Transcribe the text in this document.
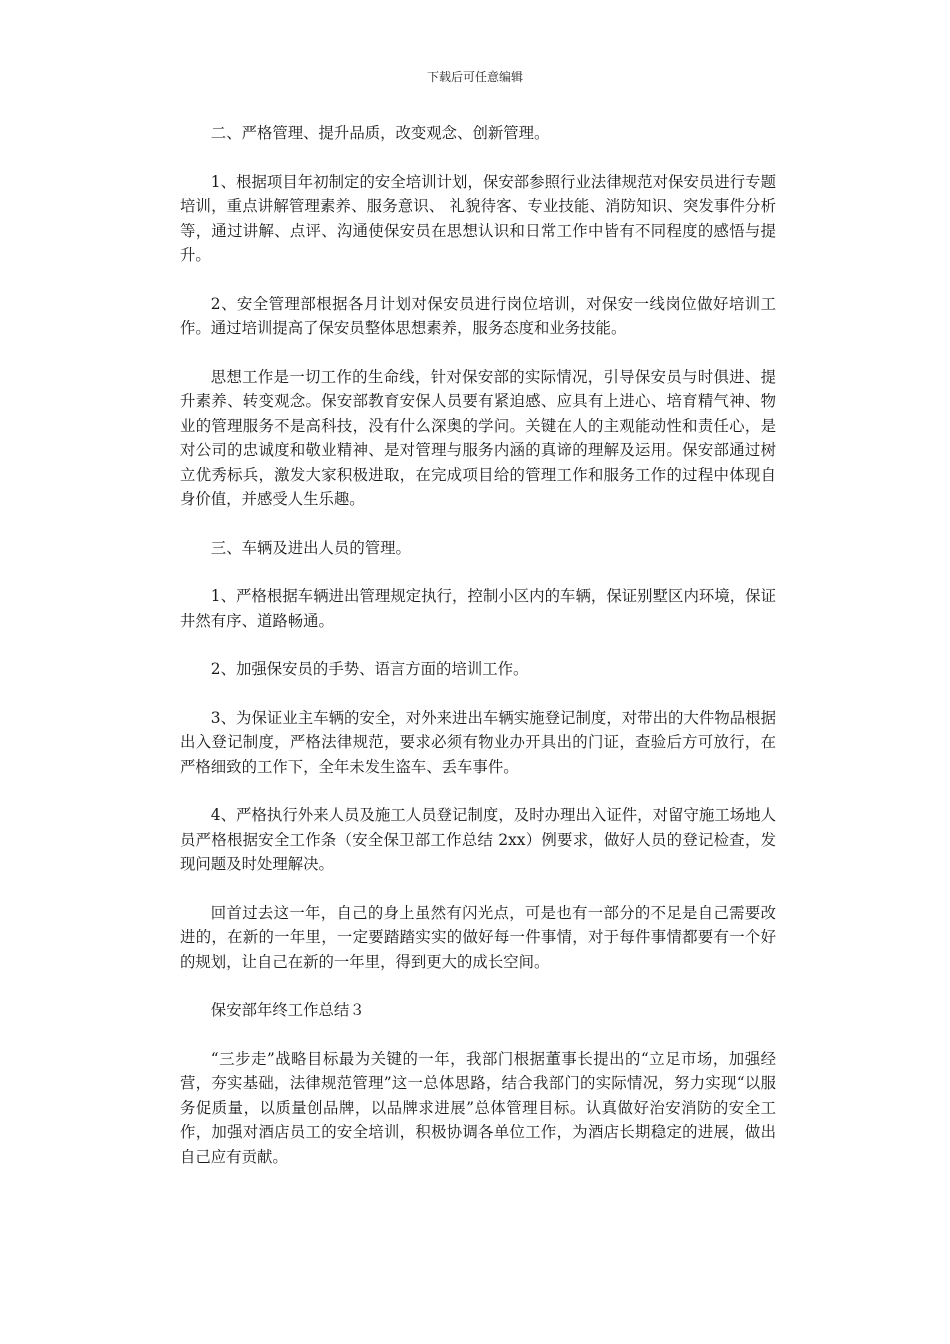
下载后可任意编辑

二、严格管理、提升品质，改变观念、创新管理。

1、根据项目年初制定的安全培训计划，保安部参照行业法律规范对保安员进行专题培训，重点讲解管理素养、服务意识、 礼貌待客、专业技能、消防知识、突发事件分析等，通过讲解、点评、沟通使保安员在思想认识和日常工作中皆有不同程度的感悟与提升。

2、安全管理部根据各月计划对保安员进行岗位培训，对保安一线岗位做好培训工作。通过培训提高了保安员整体思想素养，服务态度和业务技能。

思想工作是一切工作的生命线，针对保安部的实际情况，引导保安员与时俱进、提升素养、转变观念。保安部教育安保人员要有紧迫感、应具有上进心、培育精气神、物业的管理服务不是高科技，没有什么深奥的学问。关键在人的主观能动性和责任心，是对公司的忠诚度和敬业精神、是对管理与服务内涵的真谛的理解及运用。保安部通过树立优秀标兵，激发大家积极进取，在完成项目给的管理工作和服务工作的过程中体现自身价值，并感受人生乐趣。

三、车辆及进出人员的管理。

1、严格根据车辆进出管理规定执行，控制小区内的车辆，保证别墅区内环境，保证井然有序、道路畅通。

2、加强保安员的手势、语言方面的培训工作。

3、为保证业主车辆的安全，对外来进出车辆实施登记制度，对带出的大件物品根据出入登记制度，严格法律规范，要求必须有物业办开具出的门证，查验后方可放行，在严格细致的工作下，全年未发生盗车、丢车事件。

4、严格执行外来人员及施工人员登记制度，及时办理出入证件，对留守施工场地人员严格根据安全工作条（安全保卫部工作总结 2xx）例要求，做好人员的登记检查，发现问题及时处理解决。

回首过去这一年，自己的身上虽然有闪光点，可是也有一部分的不足是自己需要改进的，在新的一年里，一定要踏踏实实的做好每一件事情，对于每件事情都要有一个好的规划，让自己在新的一年里，得到更大的成长空间。

保安部年终工作总结３

“三步走”战略目标最为关键的一年，我部门根据董事长提出的“立足市场，加强经营，夯实基础，法律规范管理”这一总体思路，结合我部门的实际情况，努力实现“以服务促质量，以质量创品牌，以品牌求进展”总体管理目标。认真做好治安消防的安全工作，加强对酒店员工的安全培训，积极协调各单位工作，为酒店长期稳定的进展，做出自己应有贡献。
